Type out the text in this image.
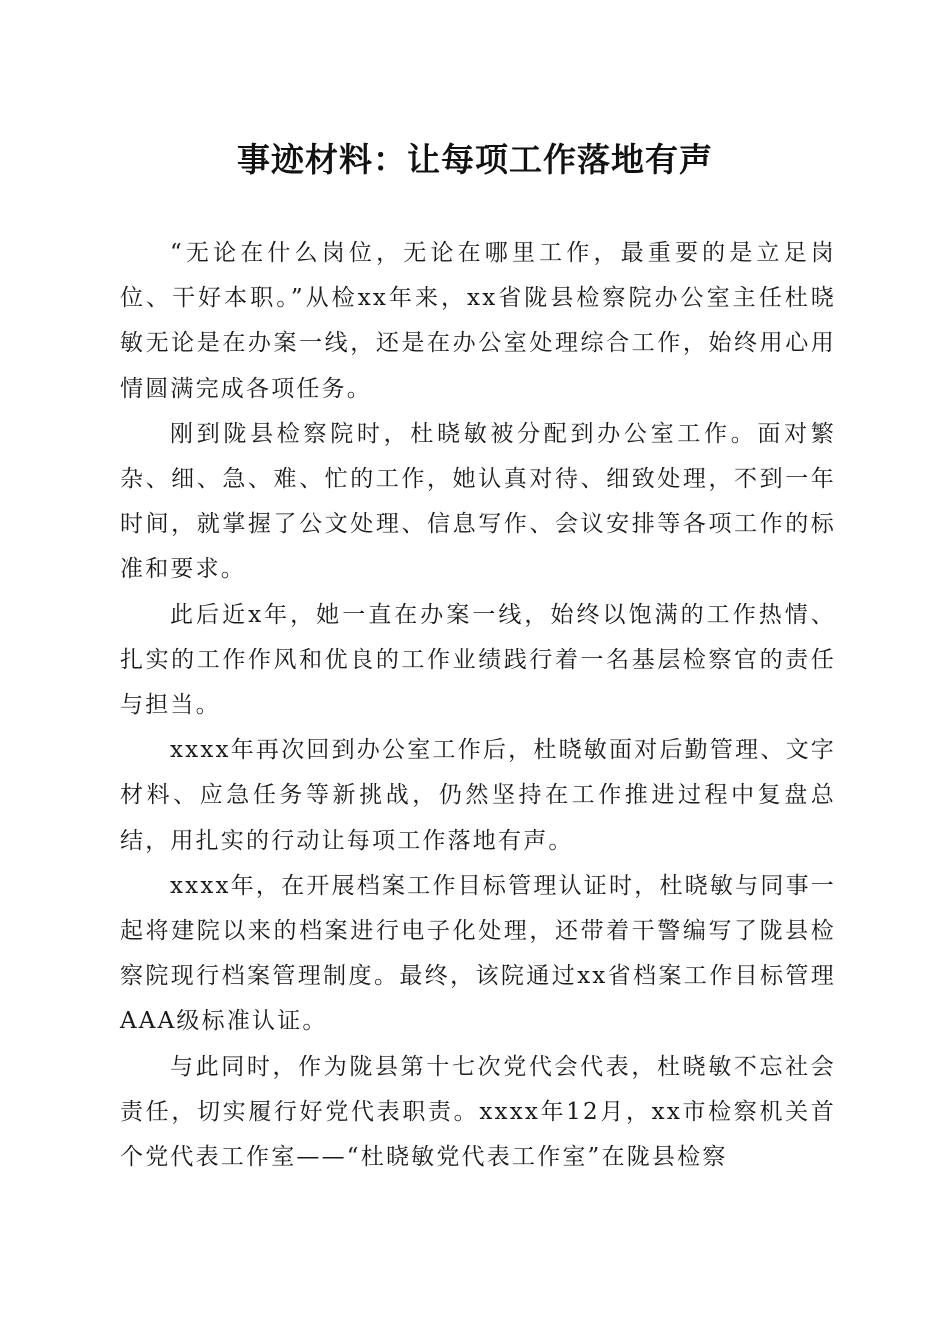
事迹材料：让每项工作落地有声

“无论在什么岗位，无论在哪里工作，最重要的是立足岗位、干好本职。”从检xx年来，xx省陇县检察院办公室主任杜晓敏无论是在办案一线，还是在办公室处理综合工作，始终用心用情圆满完成各项任务。

刚到陇县检察院时，杜晓敏被分配到办公室工作。面对繁杂、细、急、难、忙的工作，她认真对待、细致处理，不到一年时间，就掌握了公文处理、信息写作、会议安排等各项工作的标准和要求。

此后近x年，她一直在办案一线，始终以饱满的工作热情、扎实的工作作风和优良的工作业绩践行着一名基层检察官的责任与担当。

xxxx年再次回到办公室工作后，杜晓敏面对后勤管理、文字材料、应急任务等新挑战，仍然坚持在工作推进过程中复盘总结，用扎实的行动让每项工作落地有声。

xxxx年，在开展档案工作目标管理认证时，杜晓敏与同事一起将建院以来的档案进行电子化处理，还带着干警编写了陇县检察院现行档案管理制度。最终，该院通过xx省档案工作目标管理AAA级标准认证。

与此同时，作为陇县第十七次党代会代表，杜晓敏不忘社会责任，切实履行好党代表职责。xxxx年12月，xx市检察机关首个党代表工作室——“杜晓敏党代表工作室”在陇县检察
